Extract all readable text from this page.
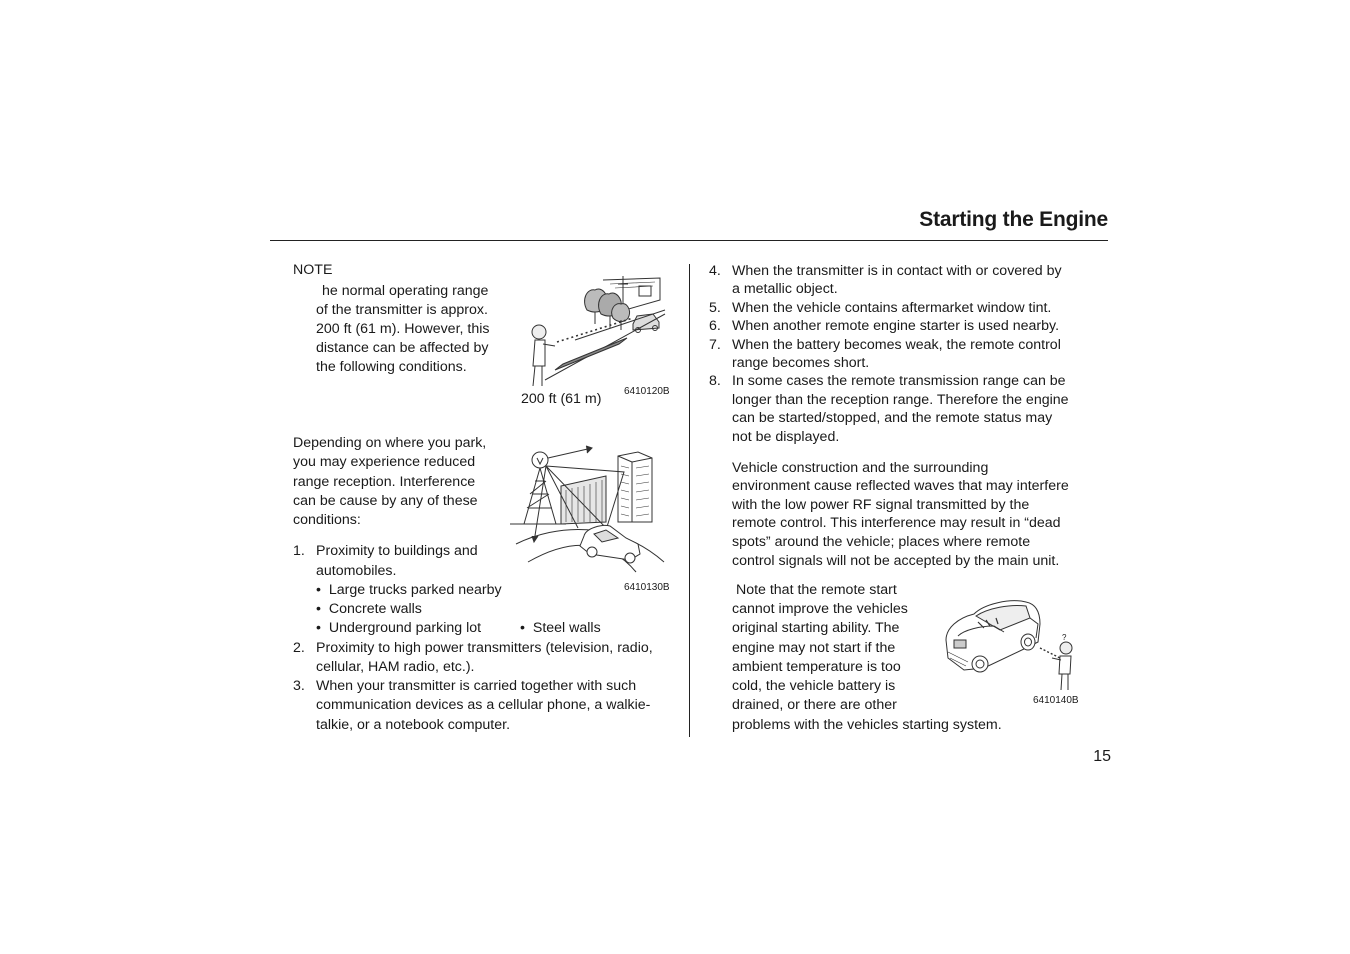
Starting the Engine
NOTE
he normal operating range
of the transmitter is approx.
200 ft (61 m). However, this
distance can be affected by
the following conditions.
200 ft (61 m) 6410120B
Depending on where you park,
you may experience reduced
range reception. Interference
can be cause by any of these
conditions:
6410130B
1. Proximity to buildings and
automobiles.
•  Large trucks parked nearby
•  Concrete walls
•  Underground parking lot	•  Steel walls
2. Proximity to high power transmitters (television, radio,
cellular, HAM radio, etc.).
3. When your transmitter is carried together with such
communication devices as a cellular phone, a walkie-
talkie, or a notebook computer.
4. When the transmitter is in contact with or covered by
a metallic object.
5. When the vehicle contains aftermarket window tint.
6. When another remote engine starter is used nearby.
7. When the battery becomes weak, the remote control
range becomes short.
8. In some cases the remote transmission range can be
longer than the reception range. Therefore the engine
can be started/stopped, and the remote status may
not be displayed.
Vehicle construction and the surrounding
environment cause reflected waves that may interfere
with the low power RF signal transmitted by the
remote control. This interference may result in “dead
spots” around the vehicle; places where remote
control signals will not be accepted by the main unit.
Note that the remote start
cannot improve the vehicles
original starting ability. The
engine may not start if the
ambient temperature is too
cold, the vehicle battery is
drained, or there are other
problems with the vehicles starting system.
?
6410140B
15
